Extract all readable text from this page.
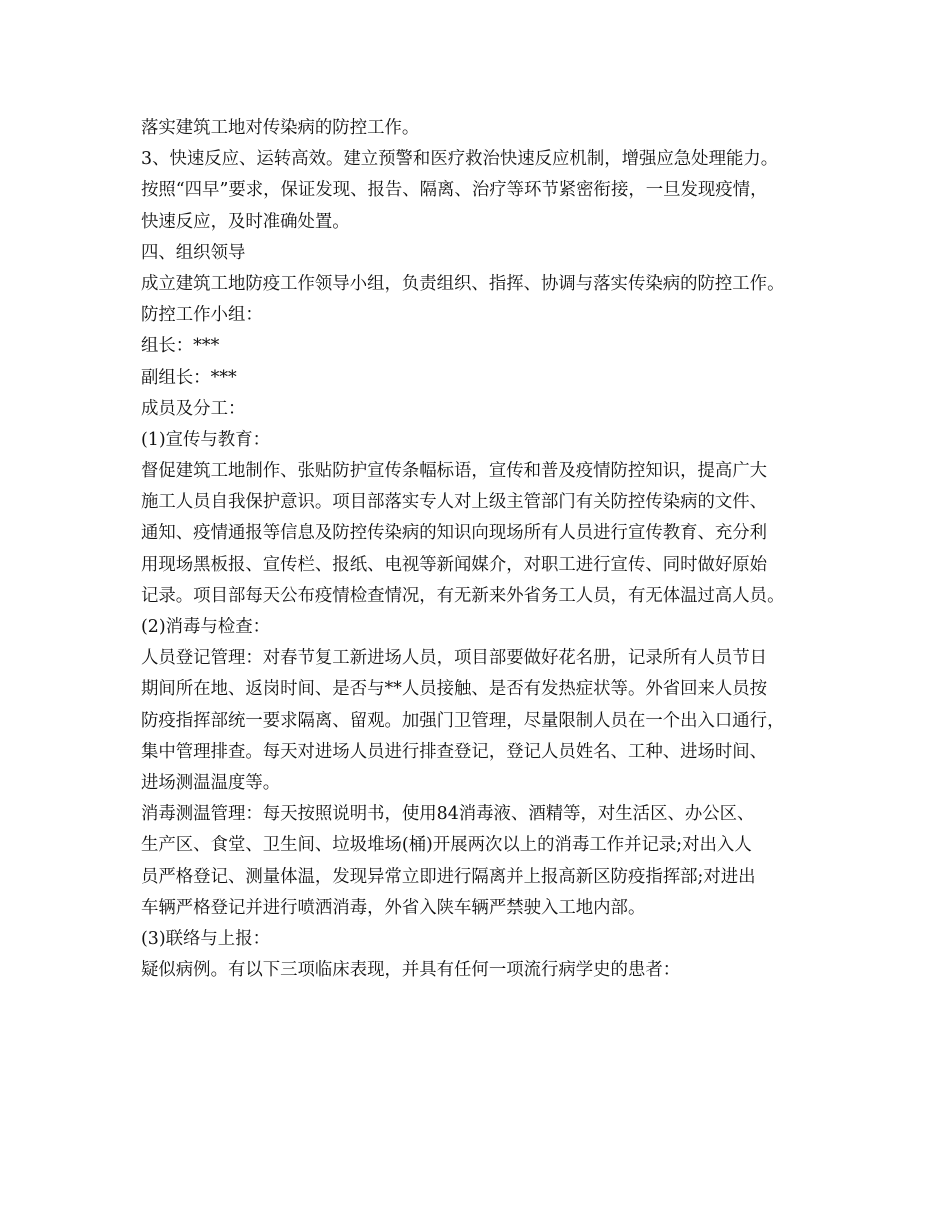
落实建筑工地对传染病的防控工作。
3、快速反应、运转高效。建立预警和医疗救治快速反应机制，增强应急处理能力。
按照“四早”要求，保证发现、报告、隔离、治疗等环节紧密衔接，一旦发现疫情，
快速反应，及时准确处置。
四、组织领导
成立建筑工地防疫工作领导小组，负责组织、指挥、协调与落实传染病的防控工作。
防控工作小组：
组长：***
副组长：***
成员及分工：
(1)宣传与教育：
督促建筑工地制作、张贴防护宣传条幅标语，宣传和普及疫情防控知识，提高广大
施工人员自我保护意识。项目部落实专人对上级主管部门有关防控传染病的文件、
通知、疫情通报等信息及防控传染病的知识向现场所有人员进行宣传教育、充分利
用现场黑板报、宣传栏、报纸、电视等新闻媒介，对职工进行宣传、同时做好原始
记录。项目部每天公布疫情检查情况，有无新来外省务工人员，有无体温过高人员。
(2)消毒与检查：
人员登记管理：对春节复工新进场人员，项目部要做好花名册，记录所有人员节日
期间所在地、返岗时间、是否与**人员接触、是否有发热症状等。外省回来人员按
防疫指挥部统一要求隔离、留观。加强门卫管理，尽量限制人员在一个出入口通行，
集中管理排查。每天对进场人员进行排查登记，登记人员姓名、工种、进场时间、
进场测温温度等。
消毒测温管理：每天按照说明书，使用84消毒液、酒精等，对生活区、办公区、
生产区、食堂、卫生间、垃圾堆场(桶)开展两次以上的消毒工作并记录;对出入人
员严格登记、测量体温，发现异常立即进行隔离并上报高新区防疫指挥部;对进出
车辆严格登记并进行喷洒消毒，外省入陕车辆严禁驶入工地内部。
(3)联络与上报：
疑似病例。有以下三项临床表现，并具有任何一项流行病学史的患者：
